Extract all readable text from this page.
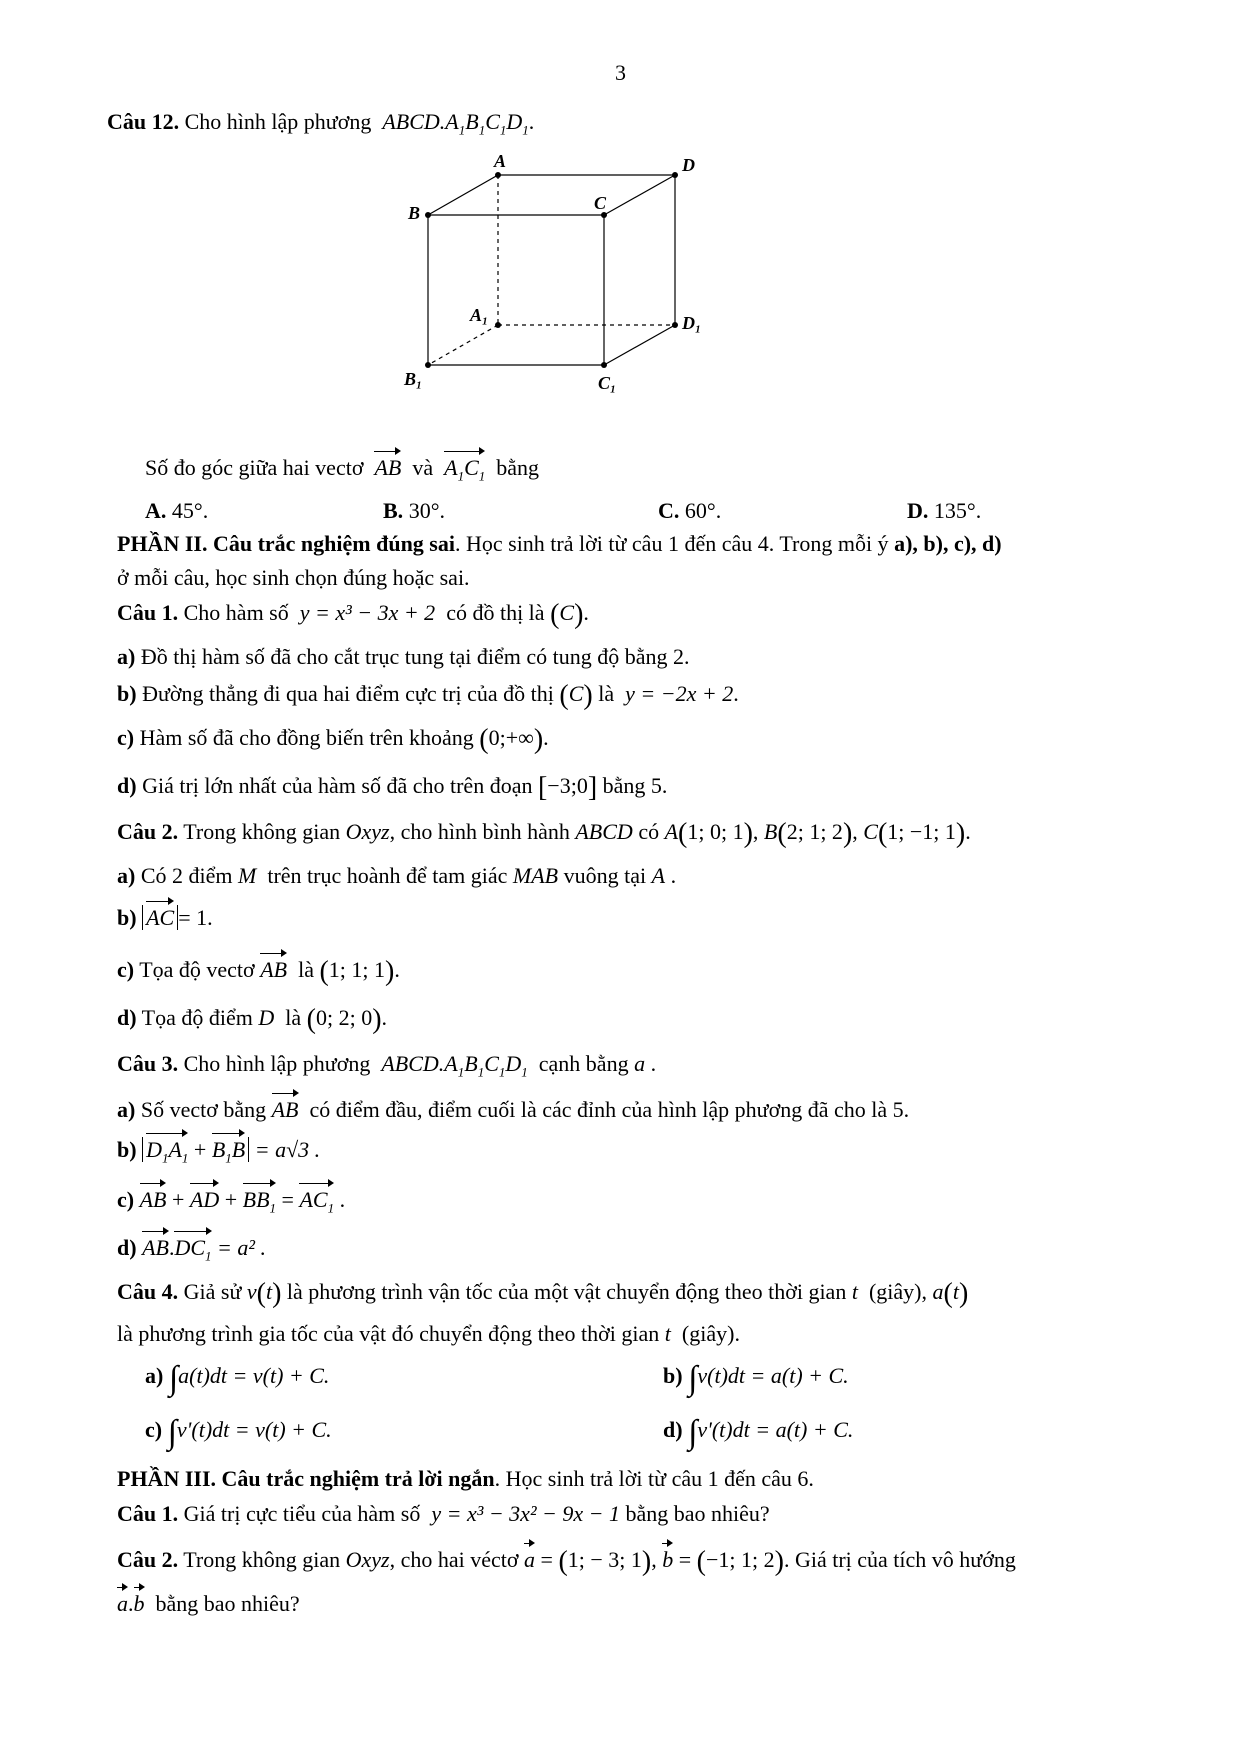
3
Câu 12. Cho hình lập phương  $ABCD.A_1B_1C_1D_1$.
A	D
B	C
A₁	D₁
B₁	C₁
Số đo góc giữa hai vectơ AB và $A_1C_1$ bằng
A. 45°.	B. 30°.	C. 60°.	D. 135°.
PHẦN II. Câu trắc nghiệm đúng sai. Học sinh trả lời từ câu 1 đến câu 4. Trong mỗi ý a), b), c), d)
ở mỗi câu, học sinh chọn đúng hoặc sai.
Câu 1. Cho hàm số y = x³ − 3x + 2 có đồ thị là (C).
a) Đồ thị hàm số đã cho cắt trục tung tại điểm có tung độ bằng 2.
b) Đường thẳng đi qua hai điểm cực trị của đồ thị (C) là y = −2x + 2.
c) Hàm số đã cho đồng biến trên khoảng (0;+∞).
d) Giá trị lớn nhất của hàm số đã cho trên đoạn [−3;0] bằng 5.
Câu 2. Trong không gian Oxyz, cho hình bình hành ABCD có A(1; 0; 1), B(2; 1; 2), C(1; −1; 1).
a) Có 2 điểm M trên trục hoành để tam giác MAB vuông tại A .
b) AC = 1.
c) Tọa độ vectơ AB là (1; 1; 1).
d) Tọa độ điểm D là (0; 2; 0).
Câu 3. Cho hình lập phương  $ABCD.A_1B_1C_1D_1$ cạnh bằng a .
a) Số vectơ bằng AB có điểm đầu, điểm cuối là các đỉnh của hình lập phương đã cho là 5.
b) $D_1A_1 + B_1B = a√3$ .
c) AB + AD + $BB_1 = AC_1$ .
d) $AB.DC_1 = a^2$ .
Câu 4. Giả sử v(t) là phương trình vận tốc của một vật chuyển động theo thời gian t (giây), a(t)
là phương trình gia tốc của vật đó chuyển động theo thời gian t (giây).
a) ∫a(t)dt = v(t) + C.	b) ∫v(t)dt = a(t) + C.
c) ∫v'(t)dt = v(t) + C.	d) ∫v'(t)dt = a(t) + C.
PHẦN III. Câu trắc nghiệm trả lời ngắn. Học sinh trả lời từ câu 1 đến câu 6.
Câu 1. Giá trị cực tiểu của hàm số y = x³ − 3x² − 9x − 1 bằng bao nhiêu?
Câu 2. Trong không gian Oxyz, cho hai véctơ a = (1; − 3; 1), b = (−1; 1; 2). Giá trị của tích vô hướng
a.b bằng bao nhiêu?
